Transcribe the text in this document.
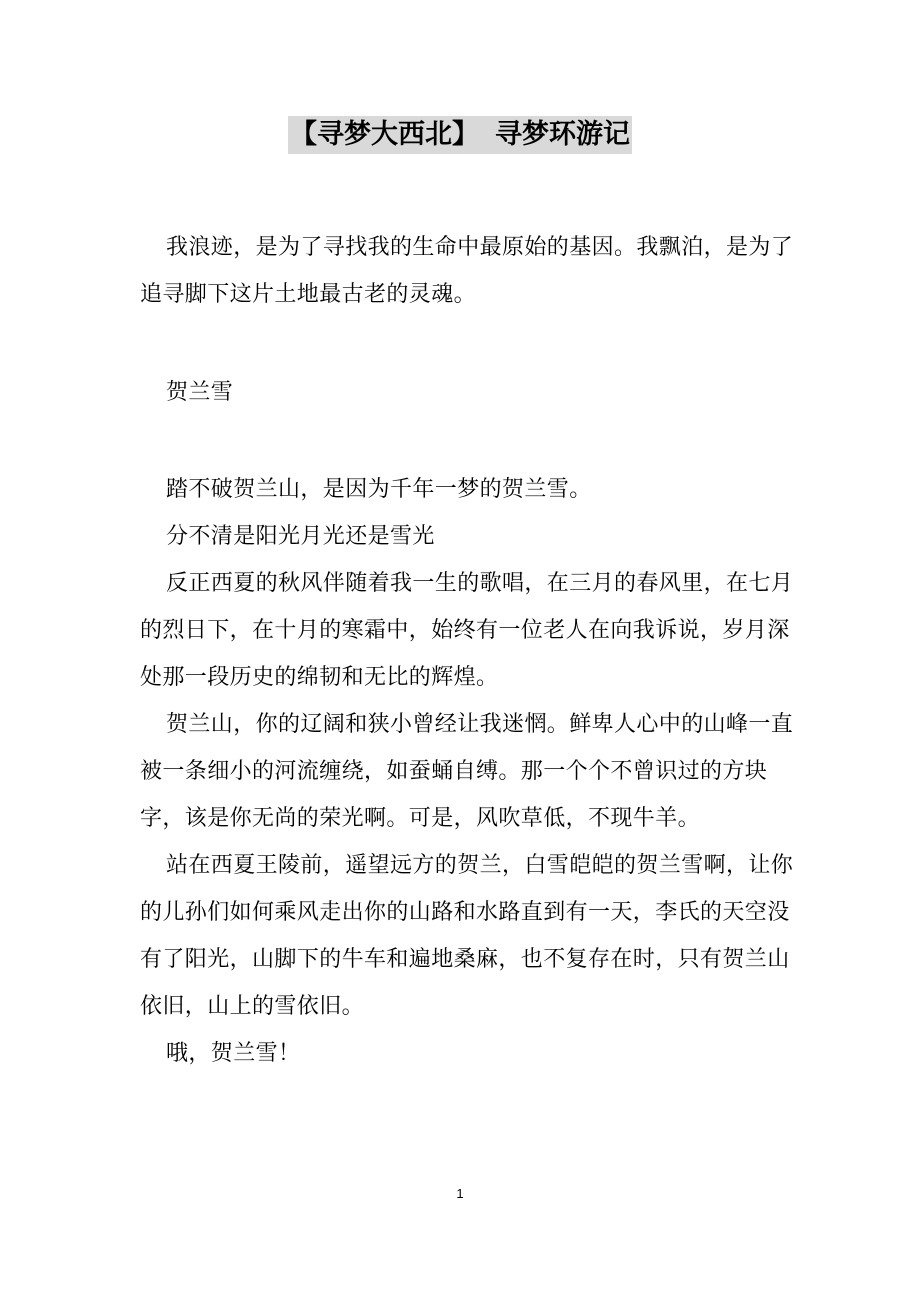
【寻梦大西北】 寻梦环游记

我浪迹，是为了寻找我的生命中最原始的基因。我飘泊，是为了追寻脚下这片土地最古老的灵魂。

贺兰雪

踏不破贺兰山，是因为千年一梦的贺兰雪。

分不清是阳光月光还是雪光

反正西夏的秋风伴随着我一生的歌唱，在三月的春风里，在七月的烈日下，在十月的寒霜中，始终有一位老人在向我诉说，岁月深处那一段历史的绵韧和无比的辉煌。

贺兰山，你的辽阔和狭小曾经让我迷惘。鲜卑人心中的山峰一直被一条细小的河流缠绕，如蚕蛹自缚。那一个个不曾识过的方块字，该是你无尚的荣光啊。可是，风吹草低，不现牛羊。

站在西夏王陵前，遥望远方的贺兰，白雪皑皑的贺兰雪啊，让你的儿孙们如何乘风走出你的山路和水路直到有一天，李氏的天空没有了阳光，山脚下的牛车和遍地桑麻，也不复存在时，只有贺兰山依旧，山上的雪依旧。

哦，贺兰雪！

1
